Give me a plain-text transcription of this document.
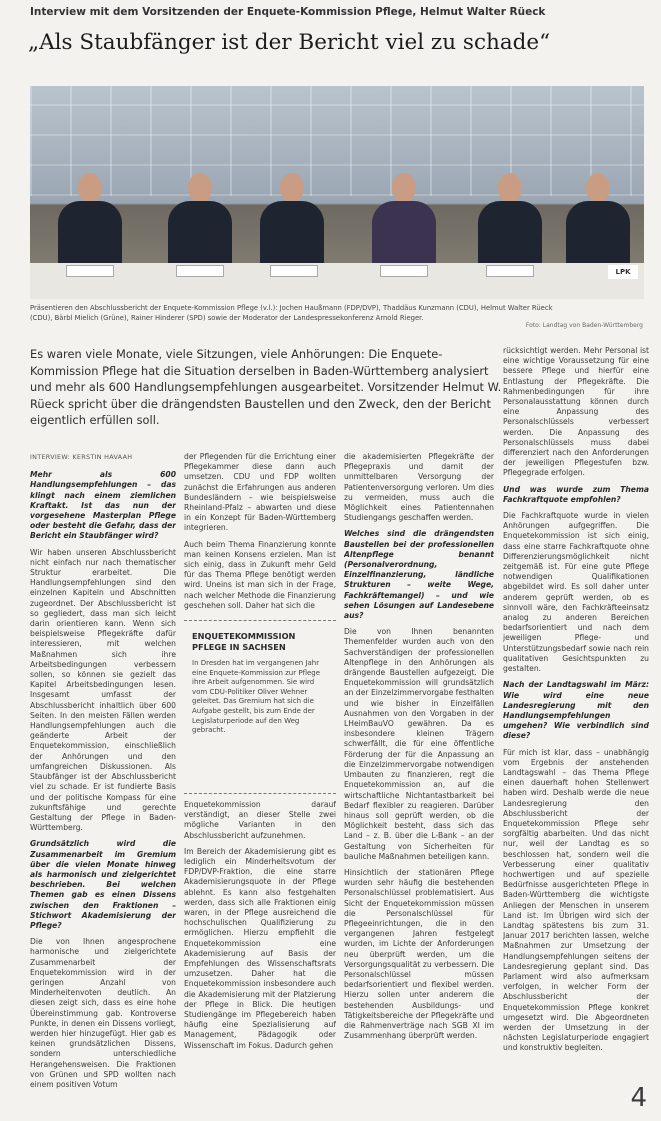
Interview mit dem Vorsitzenden der Enquete-Kommission Pflege, Helmut Walter Rüeck
„Als Staubfänger ist der Bericht viel zu schade“
LPK
Präsentieren den Abschlussbericht der Enquete-Kommission Pflege (v.l.): Jochen Haußmann (FDP/DVP), Thaddäus Kunzmann (CDU), Helmut Walter Rüeck (CDU), Bärbl Mielich (Grüne), Rainer Hinderer (SPD) sowie der Moderator der Landespressekonferenz Arnold Rieger.
Foto: Landtag von Baden-Württemberg
Es waren viele Monate, viele Sitzungen, viele Anhörungen: Die Enquete-Kommission Pflege hat die Situation derselben in Baden-Württemberg analysiert und mehr als 600 Handlungsempfehlungen ausgearbeitet. Vorsitzender Helmut W. Rüeck spricht über die drängendsten Baustellen und den Zweck, den der Bericht eigentlich erfüllen soll.
INTERVIEW: KERSTIN HAVAAH

Mehr als 600 Handlungsempfehlungen – das klingt nach einem ziemlichen Kraftakt. Ist das nun der vorgesehene Masterplan Pflege oder besteht die Gefahr, dass der Bericht ein Staubfänger wird?

Wir haben unseren Abschlussbericht nicht einfach nur nach thematischer Struktur erarbeitet. Die Handlungsempfehlungen sind den einzelnen Kapiteln und Abschnitten zugeordnet. Der Abschlussbericht ist so gegliedert, dass man sich leicht darin orientieren kann. Wenn sich beispielsweise Pflegekräfte dafür interessieren, mit welchen Maßnahmen sich ihre Arbeitsbedingungen verbessern sollen, so können sie gezielt das Kapitel Arbeitsbedingungen lesen. Insgesamt umfasst der Abschlussbericht inhaltlich über 600 Seiten. In den meisten Fällen werden Handlungsempfehlungen auch die geänderte Arbeit der Enquetekommission, einschließlich der Anhörungen und den umfangreichen Diskussionen. Als Staubfänger ist der Abschlussbericht viel zu schade. Er ist fundierte Basis und der politische Kompass für eine zukunftsfähige und gerechte Gestaltung der Pflege in Baden-Württemberg.

Grundsätzlich wird die Zusammenarbeit im Gremium über die vielen Monate hinweg als harmonisch und zielgerichtet beschrieben. Bei welchen Themen gab es einen Dissens zwischen den Fraktionen – Stichwort Akademisierung der Pflege?

Die von Ihnen angesprochene harmonische und zielgerichtete Zusammenarbeit der Enquetekommission wird in der geringen Anzahl von Minderheitenvoten deutlich. An diesen zeigt sich, dass es eine hohe Übereinstimmung gab. Kontroverse Punkte, in denen ein Dissens vorliegt, werden hier hinzugefügt. Hier gab es keinen grundsätzlichen Dissens, sondern unterschiedliche Herangehensweisen. Die Fraktionen von Grünen und SPD wollten nach einem positiven Votum

der Pflegenden für die Errichtung einer Pflegekammer diese dann auch umsetzen. CDU und FDP wollten zunächst die Erfahrungen aus anderen Bundesländern – wie beispielsweise Rheinland-Pfalz – abwarten und diese in ein Konzept für Baden-Württemberg integrieren.

Auch beim Thema Finanzierung konnte man keinen Konsens erzielen. Man ist sich einig, dass in Zukunft mehr Geld für das Thema Pflege benötigt werden wird. Uneins ist man sich in der Frage, nach welcher Methode die Finanzierung geschehen soll. Daher hat sich die

ENQUETEKOMMISSION PFLEGE IN SACHSEN

In Dresden hat im vergangenen Jahr eine Enquete-Kommission zur Pflege ihre Arbeit aufgenommen. Sie wird vom CDU-Politiker Oliver Wehner geleitet. Das Gremium hat sich die Aufgabe gestellt, bis zum Ende der Legislaturperiode auf den Weg gebracht.

Enquetekommission darauf verständigt, an dieser Stelle zwei mögliche Varianten in den Abschlussbericht aufzunehmen.

Im Bereich der Akademisierung gibt es lediglich ein Minderheitsvotum der FDP/DVP-Fraktion, die eine starre Akademisierungsquote in der Pflege ablehnt. Es kann also festgehalten werden, dass sich alle Fraktionen einig waren, in der Pflege ausreichend die hochschulischen Qualifizierung zu ermöglichen. Hierzu empfiehlt die Enquetekommission eine Akademisierung auf Basis der Empfehlungen des Wissenschaftsrats umzusetzen. Daher hat die Enquetekommission insbesondere auch die Akademisierung mit der Platzierung der Pflege in Blick. Die heutigen Studiengänge im Pflegebereich haben häufig eine Spezialisierung auf Management, Pädagogik oder Wissenschaft im Fokus. Dadurch gehen

die akademisierten Pflegekräfte der Pflegepraxis und damit der unmittelbaren Versorgung der Patientenversorgung verloren. Um dies zu vermeiden, muss auch die Möglichkeit eines Patientennahen Studiengangs geschaffen werden.

Welches sind die drängendsten Baustellen bei der professionellen Altenpflege benannt (Personalverordnung, Einzelfinanzierung, ländliche Strukturen – weite Wege, Fachkräftemangel) – und wie sehen Lösungen auf Landesebene aus?

Die von Ihnen benannten Themenfelder wurden auch von den Sachverständigen der professionellen Altenpflege in den Anhörungen als drängende Baustellen aufgezeigt. Die Enquetekommission will grundsätzlich an der Einzelzimmervorgabe festhalten und wie bisher in Einzelfällen Ausnahmen von den Vorgaben in der LHeimBauVO gewähren. Da es insbesondere kleinen Trägern schwerfällt, die für eine öffentliche Förderung der für die Anpassung an die Einzelzimmervorgabe notwendigen Umbauten zu finanzieren, regt die Enquetekommission an, auf die wirtschaftliche Nichtantastbarkeit bei Bedarf flexibler zu reagieren. Darüber hinaus soll geprüft werden, ob die Möglichkeit besteht, dass sich das Land – z. B. über die L-Bank – an der Gestaltung von Sicherheiten für bauliche Maßnahmen beteiligen kann.

Hinsichtlich der stationären Pflege wurden sehr häufig die bestehenden Personalschlüssel problematisiert. Aus Sicht der Enquetekommission müssen die Personalschlüssel für Pflegeeinrichtungen, die in den vergangenen Jahren festgelegt wurden, im Lichte der Anforderungen neu überprüft werden, um die Versorgungsqualität zu verbessern. Die Personalschlüssel müssen bedarfsorientiert und flexibel werden. Hierzu sollen unter anderem die bestehenden Ausbildungs- und Tätigkeitsbereiche der Pflegekräfte und die Rahmenverträge nach SGB XI im Zusammenhang überprüft werden.

rücksichtigt werden. Mehr Personal ist eine wichtige Voraussetzung für eine bessere Pflege und hierfür eine Entlastung der Pflegekräfte. Die Rahmenbedingungen für ihre Personalausstattung können durch eine Anpassung des Personalschlüssels verbessert werden. Die Anpassung des Personalschlüssels muss dabei differenziert nach den Anforderungen der jeweiligen Pflegestufen bzw. Pflegegrade erfolgen.

Und was wurde zum Thema Fachkraftquote empfohlen?

Die Fachkraftquote wurde in vielen Anhörungen aufgegriffen. Die Enquetekommission ist sich einig, dass eine starre Fachkraftquote ohne Differenzierungsmöglichkeit nicht zeitgemäß ist. Für eine gute Pflege notwendigen Qualifikationen abgebildet wird. Es soll daher unter anderem geprüft werden, ob es sinnvoll wäre, den Fachkräfteeinsatz analog zu anderen Bereichen bedarfsorientiert und nach dem jeweiligen Pflege- und Unterstützungsbedarf sowie nach rein qualitativen Gesichtspunkten zu gestalten.

Nach der Landtagswahl im März: Wie wird eine neue Landesregierung mit den Handlungsempfehlungen umgehen? Wie verbindlich sind diese?

Für mich ist klar, dass – unabhängig vom Ergebnis der anstehenden Landtagswahl – das Thema Pflege einen dauerhaft hohen Stellenwert haben wird. Deshalb werde die neue Landesregierung den Abschlussbericht der Enquetekommission Pflege sehr sorgfältig abarbeiten. Und das nicht nur, weil der Landtag es so beschlossen hat, sondern weil die Verbesserung einer qualitativ hochwertigen und auf spezielle Bedürfnisse ausgerichteten Pflege in Baden-Württemberg die wichtigste Anliegen der Menschen in unserem Land ist. Im Übrigen wird sich der Landtag spätestens bis zum 31. Januar 2017 berichten lassen, welche Maßnahmen zur Umsetzung der Handlungsempfehlungen seitens der Landesregierung geplant sind. Das Parlament wird also aufmerksam verfolgen, in welcher Form der Abschlussbericht der Enquetekommission Pflege konkret umgesetzt wird. Die Abgeordneten werden der Umsetzung in der nächsten Legislaturperiode engagiert und konstruktiv begleiten.

4
